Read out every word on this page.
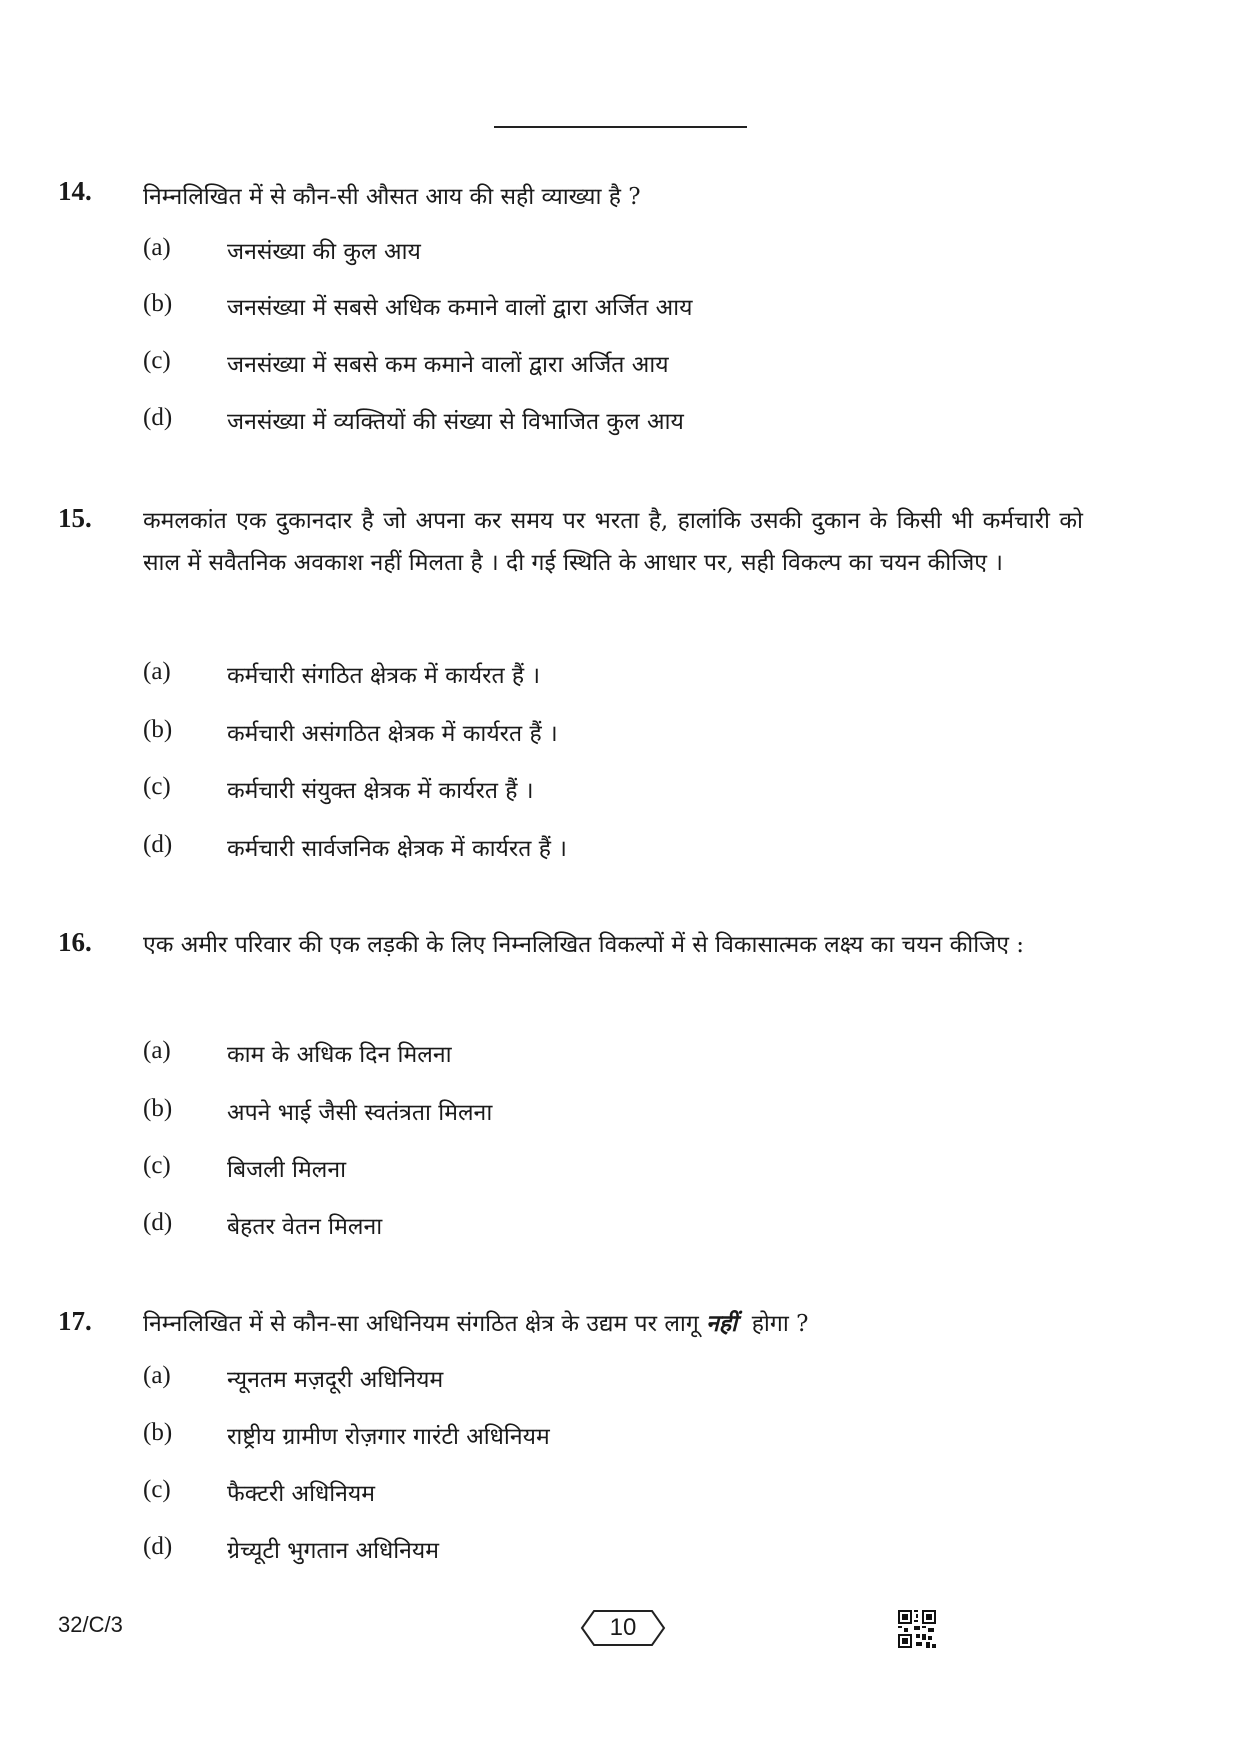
14. निम्नलिखित में से कौन-सी औसत आय की सही व्याख्या है ?
(a) जनसंख्या की कुल आय
(b) जनसंख्या में सबसे अधिक कमाने वालों द्वारा अर्जित आय
(c) जनसंख्या में सबसे कम कमाने वालों द्वारा अर्जित आय
(d) जनसंख्या में व्यक्तियों की संख्या से विभाजित कुल आय
15. कमलकांत एक दुकानदार है जो अपना कर समय पर भरता है, हालांकि उसकी दुकान के किसी भी कर्मचारी को साल में सवैतनिक अवकाश नहीं मिलता है । दी गई स्थिति के आधार पर, सही विकल्प का चयन कीजिए ।
(a) कर्मचारी संगठित क्षेत्रक में कार्यरत हैं ।
(b) कर्मचारी असंगठित क्षेत्रक में कार्यरत हैं ।
(c) कर्मचारी संयुक्त क्षेत्रक में कार्यरत हैं ।
(d) कर्मचारी सार्वजनिक क्षेत्रक में कार्यरत हैं ।
16. एक अमीर परिवार की एक लड़की के लिए निम्नलिखित विकल्पों में से विकासात्मक लक्ष्य का चयन कीजिए :
(a) काम के अधिक दिन मिलना
(b) अपने भाई जैसी स्वतंत्रता मिलना
(c) बिजली मिलना
(d) बेहतर वेतन मिलना
17. निम्नलिखित में से कौन-सा अधिनियम संगठित क्षेत्र के उद्यम पर लागू नहीं होगा ?
(a) न्यूनतम मज़दूरी अधिनियम
(b) राष्ट्रीय ग्रामीण रोज़गार गारंटी अधिनियम
(c) फैक्टरी अधिनियम
(d) ग्रेच्यूटी भुगतान अधिनियम
32/C/3	10
